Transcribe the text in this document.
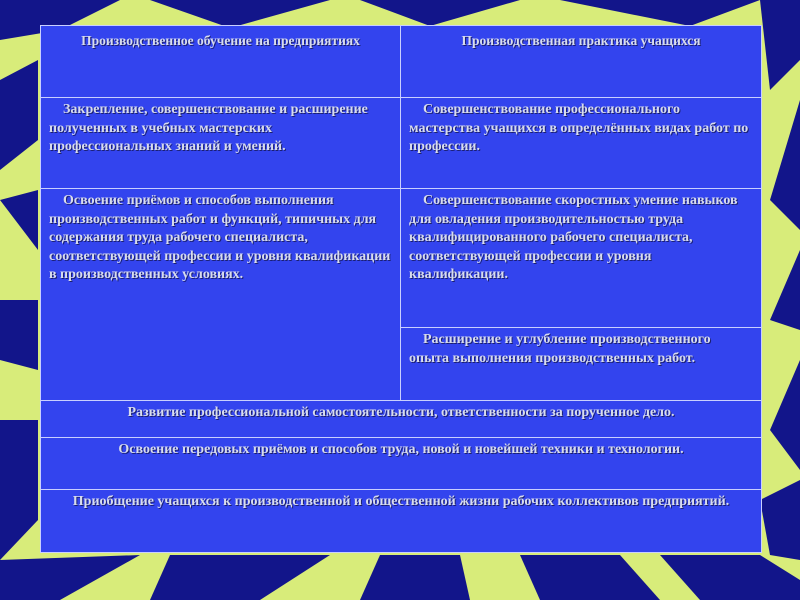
Производственное обучение на предприятиях	Производственная практика учащихся
Закрепление, совершенствование и расширение полученных в учебных мастерских профессиональных знаний и умений.	Совершенствование профессионального мастерства учащихся в определённых видах работ по профессии.
Освоение приёмов и способов выполнения производственных работ и функций, типичных для содержания труда рабочего специалиста, соответствующей профессии и уровня квалификации в производственных условиях.	Совершенствование скоростных умение навыков для овладения производительностью труда квалифицированного рабочего специалиста, соответствующей профессии и уровня квалификации.
	Расширение и углубление производственного опыта выполнения производственных работ.
Развитие профессиональной самостоятельности, ответственности за порученное дело.	
Освоение передовых приёмов и способов труда, новой и новейшей техники и технологии.	
Приобщение учащихся к производственной и общественной жизни рабочих коллективов предприятий.	
